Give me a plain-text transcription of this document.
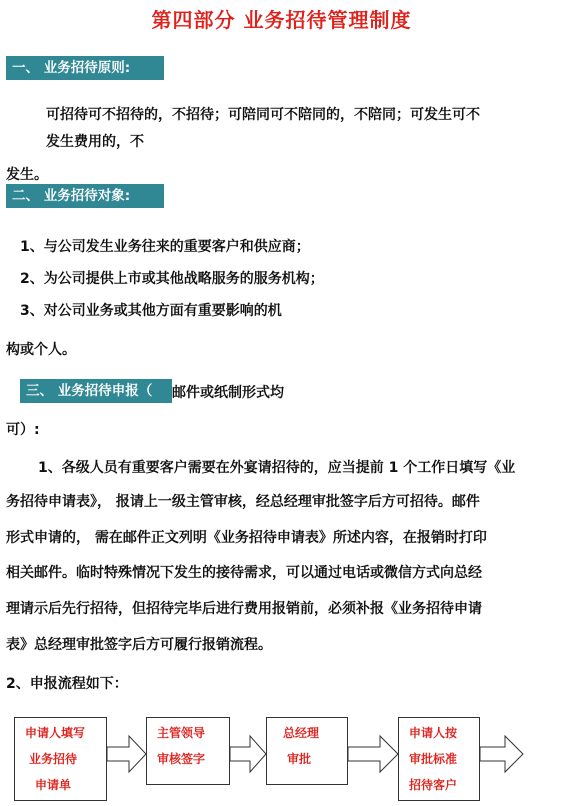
第四部分 业务招待管理制度
一、 业务招待原则:
可招待可不招待的，不招待；可陪同可不陪同的，不陪同；可发生可不
发生费用的，不
发生。
二、 业务招待对象:
1、与公司发生业务往来的重要客户和供应商；
2、为公司提供上市或其他战略服务的服务机构；
3、对公司业务或其他方面有重要影响的机
构或个人。
三、 业务招待申报（	邮件或纸制形式均
可）:
1、各级人员有重要客户需要在外宴请招待的，应当提前 1 个工作日填写《业
务招待申请表》， 报请上一级主管审核，经总经理审批签字后方可招待。邮件
形式申请的， 需在邮件正文列明《业务招待申请表》所述内容，在报销时打印
相关邮件。临时特殊情况下发生的接待需求，可以通过电话或微信方式向总经
理请示后先行招待，但招待完毕后进行费用报销前，必须补报《业务招待申请
表》总经理审批签字后方可履行报销流程。
2、申报流程如下：
申请人填写
业务招待
申请单
主管领导
审核签字
总经理
审批
申请人按
审批标准
招待客户
